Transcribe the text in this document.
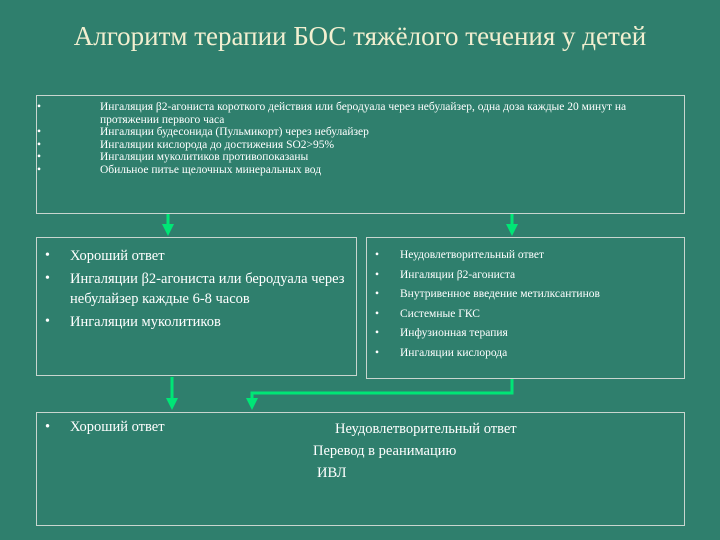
Алгоритм терапии БОС тяжёлого течения у детей
• Ингаляция β2-агониста короткого действия или беродуала через небулайзер, одна доза каждые 20 минут на протяжении первого часа
• Ингаляции будесонида (Пульмикорт) через небулайзер
• Ингаляции кислорода до достижения SO2>95%
• Ингаляции муколитиков противопоказаны
• Обильное питье щелочных минеральных вод
• Хороший ответ
• Ингаляции β2-агониста или беродуала через небулайзер каждые 6-8 часов
• Ингаляции муколитиков
• Неудовлетворительный ответ
• Ингаляции β2-агониста
• Внутривенное введение метилксантинов
• Системные ГКС
• Инфузионная терапия
• Ингаляции кислорода
• Хороший ответ	Неудовлетворительный ответ
Перевод в реанимацию
ИВЛ
